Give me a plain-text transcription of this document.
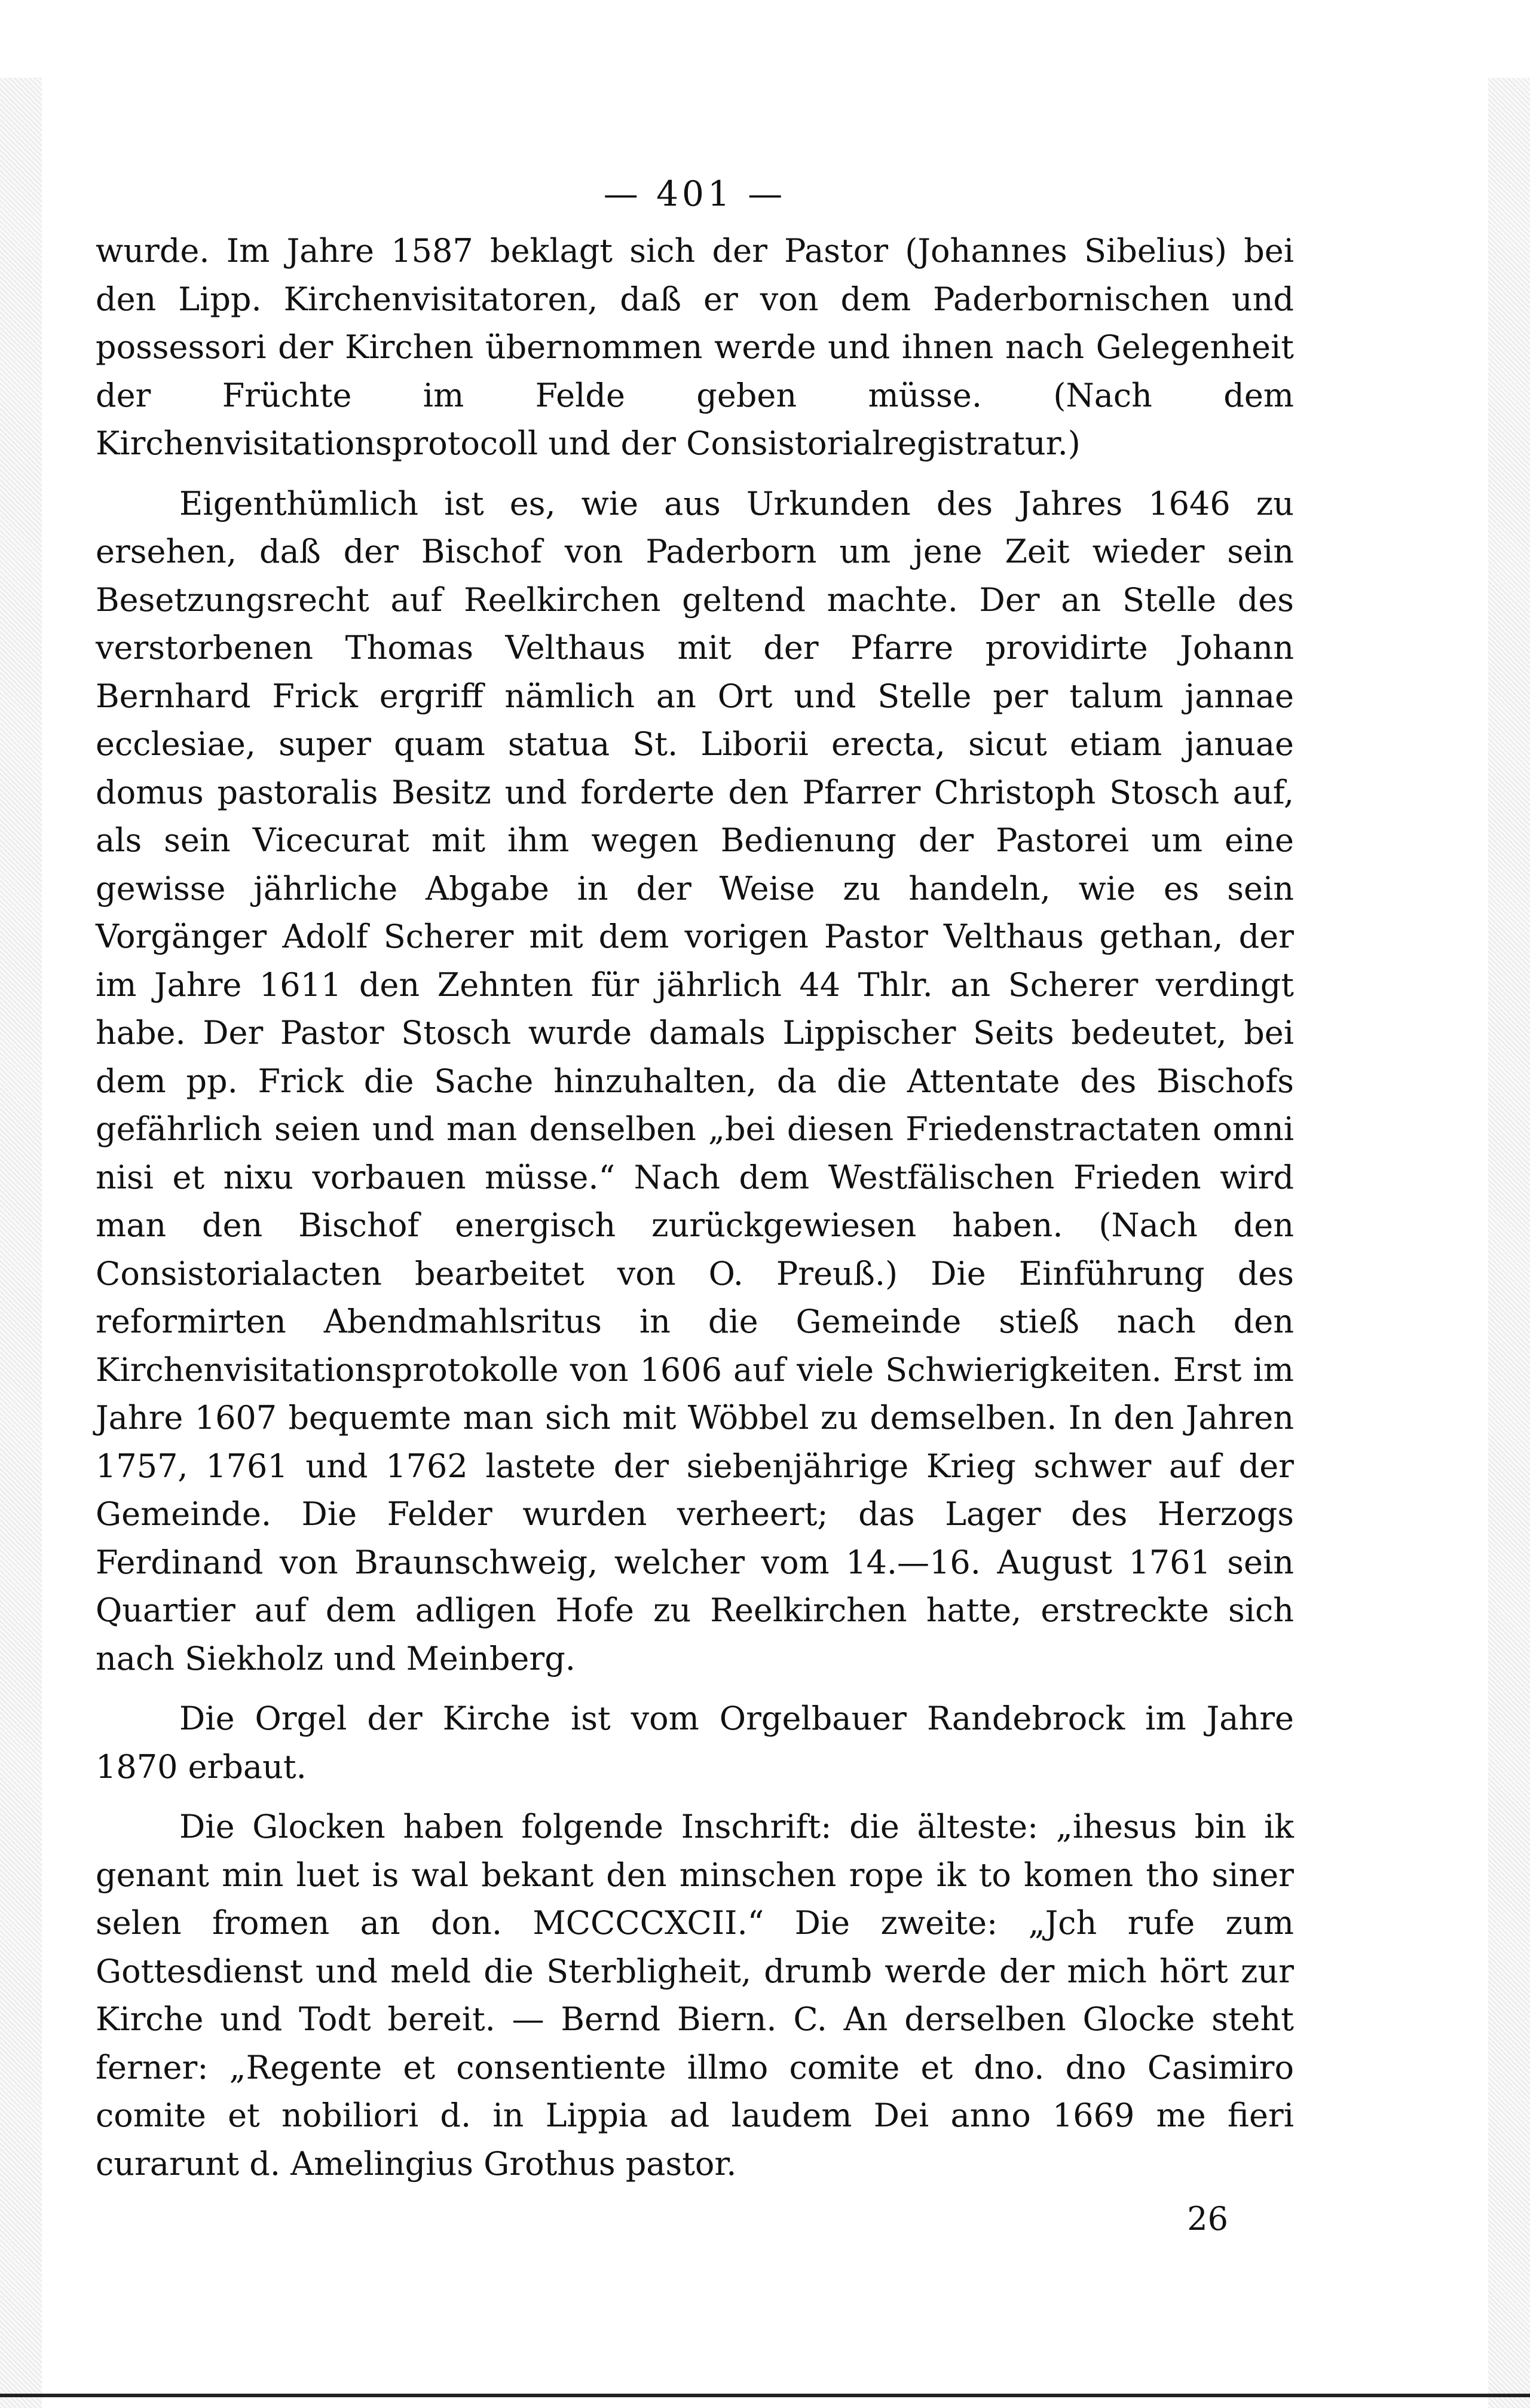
— 401 —

wurde. Im Jahre 1587 beklagt sich der Pastor (Johannes Sibelius) bei den Lipp. Kirchenvisitatoren, daß er von dem Paderbornischen und possessori der Kirchen übernommen werde und ihnen nach Gelegenheit der Früchte im Felde geben müsse. (Nach dem Kirchenvisitationsprotocoll und der Consistorialregistratur.)

Eigenthümlich ist es, wie aus Urkunden des Jahres 1646 zu ersehen, daß der Bischof von Paderborn um jene Zeit wieder sein Besetzungsrecht auf Reelkirchen geltend machte. Der an Stelle des verstorbenen Thomas Velthaus mit der Pfarre providirte Johann Bernhard Frick ergriff nämlich an Ort und Stelle per talum jannae ecclesiae, super quam statua St. Liborii erecta, sicut etiam januae domus pastoralis Besitz und forderte den Pfarrer Christoph Stosch auf, als sein Vicecurat mit ihm wegen Bedienung der Pastorei um eine gewisse jährliche Abgabe in der Weise zu handeln, wie es sein Vorgänger Adolf Scherer mit dem vorigen Pastor Velthaus gethan, der im Jahre 1611 den Zehnten für jährlich 44 Thlr. an Scherer verdingt habe. Der Pastor Stosch wurde damals Lippischer Seits bedeutet, bei dem pp. Frick die Sache hinzuhalten, da die Attentate des Bischofs gefährlich seien und man denselben „bei diesen Friedenstractaten omni nisi et nixu vorbauen müsse.“ Nach dem Westfälischen Frieden wird man den Bischof energisch zurückgewiesen haben. (Nach den Consistorialacten bearbeitet von O. Preuß.) Die Einführung des reformirten Abendmahlsritus in die Gemeinde stieß nach den Kirchenvisitationsprotokolle von 1606 auf viele Schwierigkeiten. Erst im Jahre 1607 bequemte man sich mit Wöbbel zu demselben. In den Jahren 1757, 1761 und 1762 lastete der siebenjährige Krieg schwer auf der Gemeinde. Die Felder wurden verheert; das Lager des Herzogs Ferdinand von Braunschweig, welcher vom 14.—16. August 1761 sein Quartier auf dem adligen Hofe zu Reelkirchen hatte, erstreckte sich nach Siekholz und Meinberg.

Die Orgel der Kirche ist vom Orgelbauer Randebrock im Jahre 1870 erbaut.

Die Glocken haben folgende Inschrift: die älteste: „ihesus bin ik genant min luet is wal bekant den minschen rope ik to komen tho siner selen fromen an don. MCCCCXCII.“ Die zweite: „Jch rufe zum Gottesdienst und meld die Sterbligheit, drumb werde der mich hört zur Kirche und Todt bereit. — Bernd Biern. C. An derselben Glocke steht ferner: „Regente et consentiente illmo comite et dno. dno Casimiro comite et nobiliori d. in Lippia ad laudem Dei anno 1669 me fieri curarunt d. Amelingius Grothus pastor.

26
